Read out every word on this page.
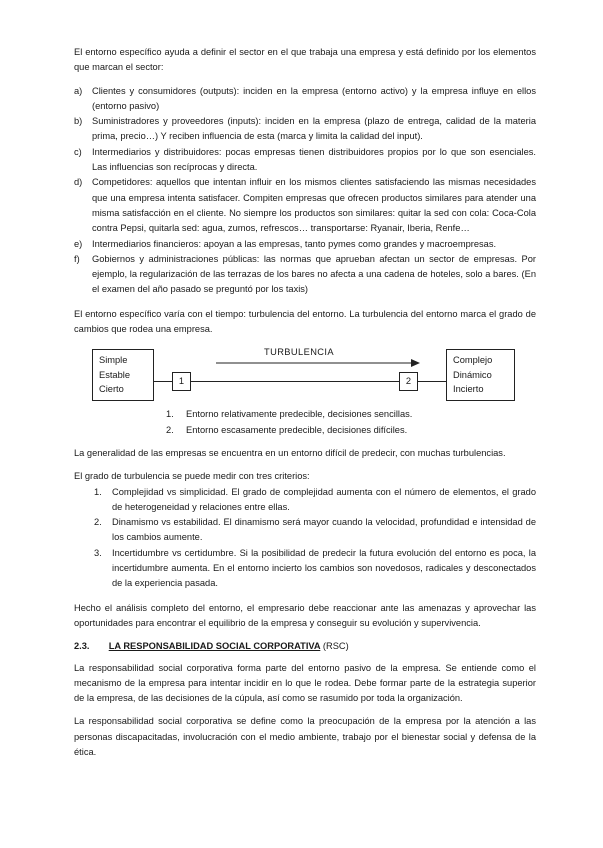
El entorno específico ayuda a definir el sector en el que trabaja una empresa y está definido por los elementos que marcan el sector:

a) Clientes y consumidores (outputs): inciden en la empresa (entorno activo) y la empresa influye en ellos (entorno pasivo)
b) Suministradores y proveedores (inputs): inciden en la empresa (plazo de entrega, calidad de la materia prima, precio…) Y reciben influencia de esta (marca y limita la calidad del input).
c) Intermediarios y distribuidores: pocas empresas tienen distribuidores propios por lo que son esenciales. Las influencias son recíprocas y directa.
d) Competidores: aquellos que intentan influir en los mismos clientes satisfaciendo las mismas necesidades que una empresa intenta satisfacer. Compiten empresas que ofrecen productos similares para atender una misma satisfacción en el cliente. No siempre los productos son similares: quitar la sed con cola: Coca-Cola contra Pepsi, quitarla sed: agua, zumos, refrescos… transportarse: Ryanair, Iberia, Renfe…
e) Intermediarios financieros: apoyan a las empresas, tanto pymes como grandes y macroempresas.
f) Gobiernos y administraciones públicas: las normas que aprueban afectan un sector de empresas. Por ejemplo, la regularización de las terrazas de los bares no afecta a una cadena de hoteles, solo a bares. (En el examen del año pasado se preguntó por los taxis)

El entorno específico varía con el tiempo: turbulencia del entorno. La turbulencia del entorno marca el grado de cambios que rodea una empresa.

Simple
Estable
Cierto
1	2
Complejo
Dinámico
Incierto
TURBULENCIA
1. Entorno relativamente predecible, decisiones sencillas.
2. Entorno escasamente predecible, decisiones difíciles.

La generalidad de las empresas se encuentra en un entorno difícil de predecir, con muchas turbulencias.

El grado de turbulencia se puede medir con tres criterios:

1. Complejidad vs simplicidad. El grado de complejidad aumenta con el número de elementos, el grado de heterogeneidad y relaciones entre ellas.
2. Dinamismo vs estabilidad. El dinamismo será mayor cuando la velocidad, profundidad e intensidad de los cambios aumente.
3. Incertidumbre vs certidumbre. Si la posibilidad de predecir la futura evolución del entorno es poca, la incertidumbre aumenta. En el entorno incierto los cambios son novedosos, radicales y desconectados de la experiencia pasada.

Hecho el análisis completo del entorno, el empresario debe reaccionar ante las amenazas y aprovechar las oportunidades para encontrar el equilibrio de la empresa y conseguir su evolución y supervivencia.

2.3. LA RESPONSABILIDAD SOCIAL CORPORATIVA (RSC)

La responsabilidad social corporativa forma parte del entorno pasivo de la empresa. Se entiende como el mecanismo de la empresa para intentar incidir en lo que le rodea. Debe formar parte de la estrategia superior de la empresa, de las decisiones de la cúpula, así como se rasumido por toda la organización.

La responsabilidad social corporativa se define como la preocupación de la empresa por la atención a las personas discapacitadas, involucración con el medio ambiente, trabajo por el bienestar social y defensa de la ética.
